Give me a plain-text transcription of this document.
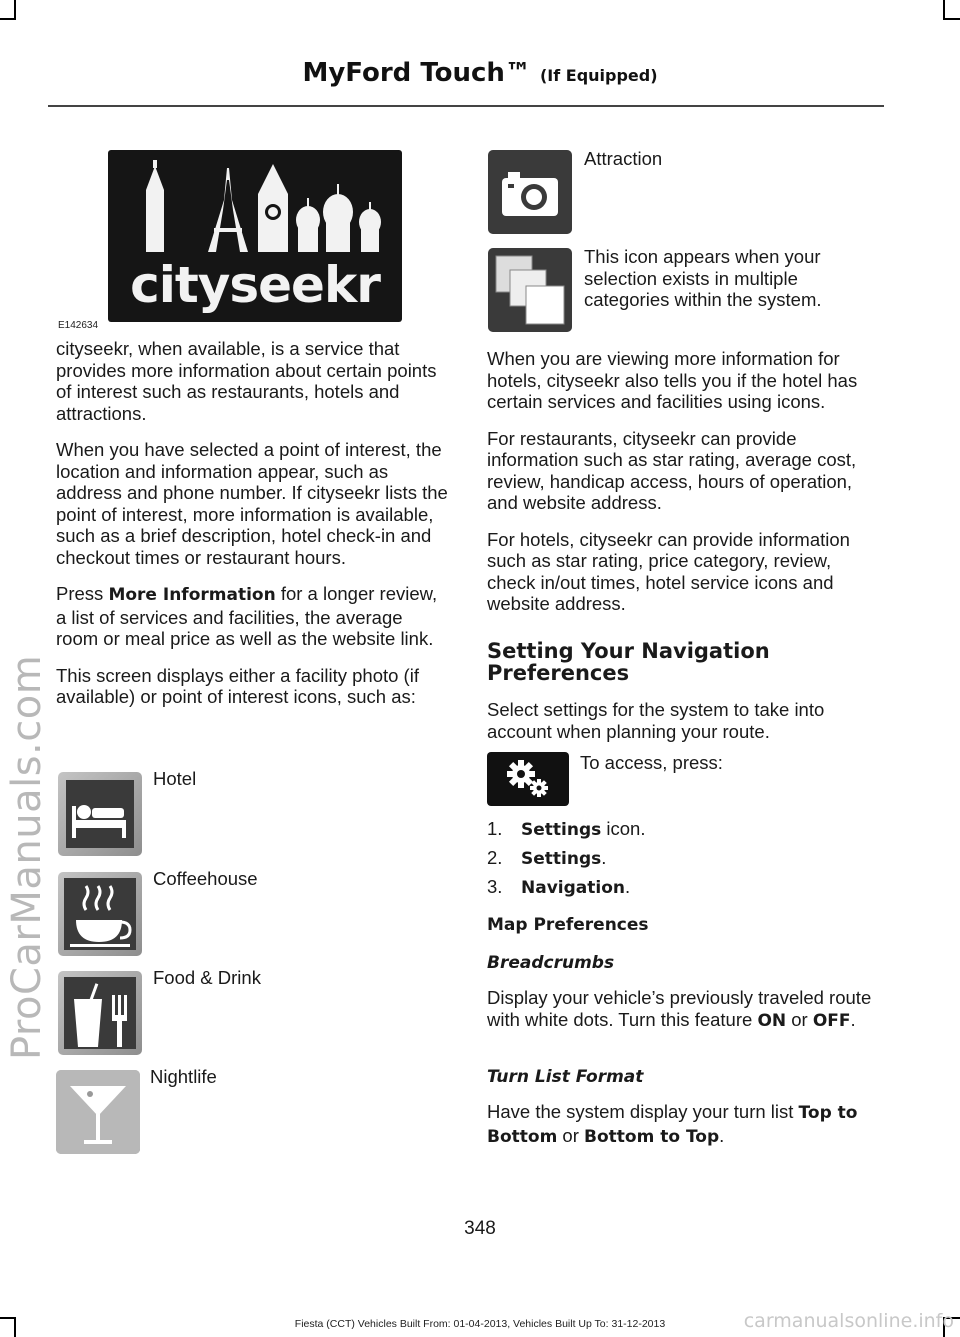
MyFord Touch™ (If Equipped)
ProCarManuals.com
cityseekr
E142634

cityseekr, when available, is a service that provides more information about certain points of interest such as restaurants, hotels and attractions.

When you have selected a point of interest, the location and information appear, such as address and phone number. If cityseekr lists the point of interest, more information is available, such as a brief description, hotel check-in and checkout times or restaurant hours.

Press More Information for a longer review, a list of services and facilities, the average room or meal price as well as the website link.

This screen displays either a facility photo (if available) or point of interest icons, such as:

Hotel
Coffeehouse
Food & Drink
Nightlife
Attraction
This icon appears when your selection exists in multiple categories within the system.

When you are viewing more information for hotels, cityseekr also tells you if the hotel has certain services and facilities using icons.

For restaurants, cityseekr can provide information such as star rating, average cost, review, handicap access, hours of operation, and website address.

For hotels, cityseekr can provide information such as star rating, price category, review, check in/out times, hotel service icons and website address.

Setting Your Navigation Preferences

Select settings for the system to take into account when planning your route.

To access, press:
1. Settings icon.
2. Settings.
3. Navigation.
Map Preferences
Breadcrumbs

Display your vehicle’s previously traveled route with white dots. Turn this feature ON or OFF.

Turn List Format

Have the system display your turn list Top to Bottom or Bottom to Top.

348
Fiesta (CCT) Vehicles Built From: 01-04-2013, Vehicles Built Up To: 31-12-2013	carmanualsonline.info
